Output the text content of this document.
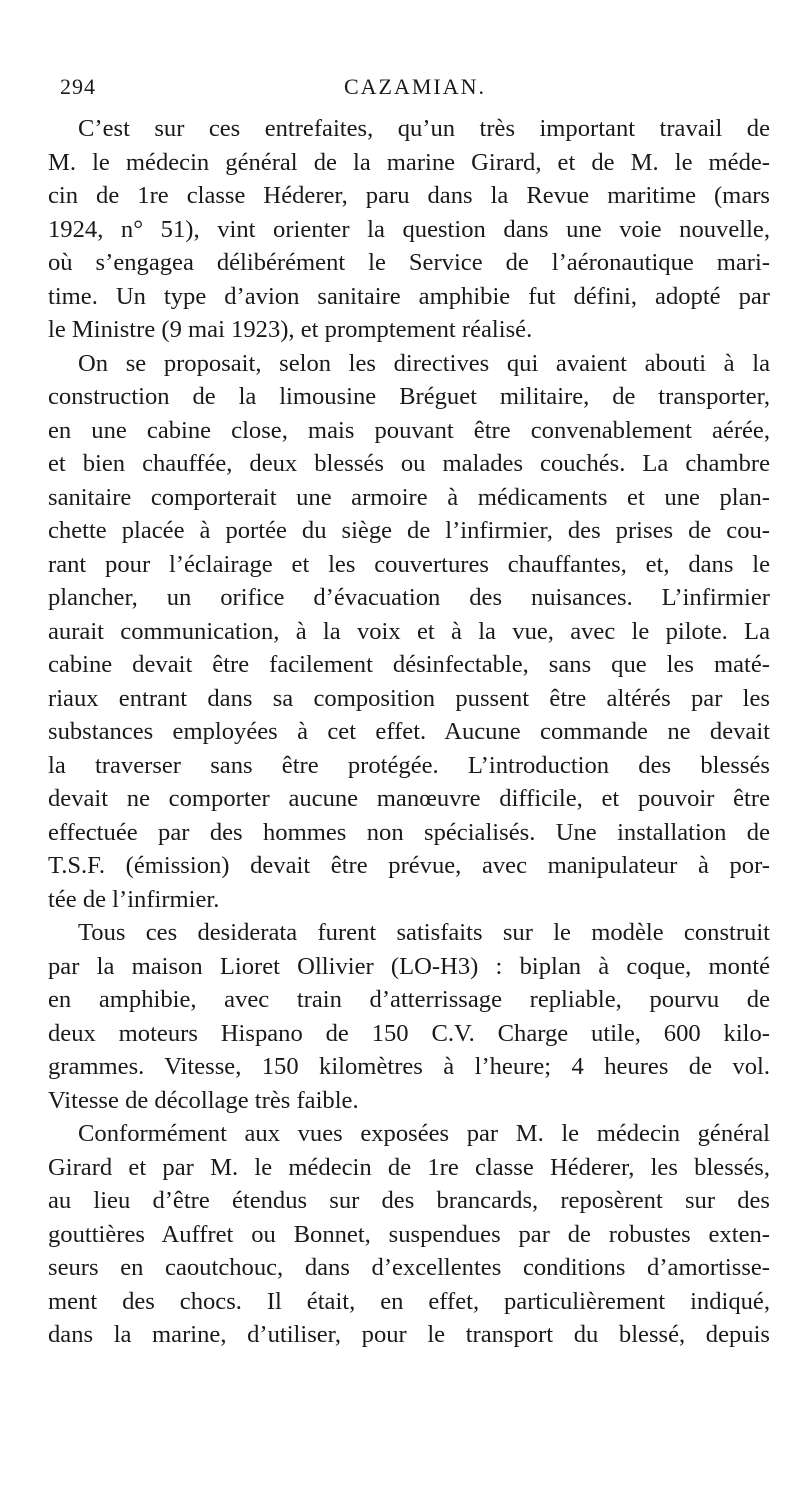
294	CAZAMIAN.
C’est sur ces entrefaites, qu’un très important travail de
M. le médecin général de la marine Girard, et de M. le méde-
cin de 1re classe Héderer, paru dans la Revue maritime (mars
1924, n° 51), vint orienter la question dans une voie nouvelle,
où s’engagea délibérément le Service de l’aéronautique mari-
time. Un type d’avion sanitaire amphibie fut défini, adopté par
le Ministre (9 mai 1923), et promptement réalisé.
On se proposait, selon les directives qui avaient abouti à la
construction de la limousine Bréguet militaire, de transporter,
en une cabine close, mais pouvant être convenablement aérée,
et bien chauffée, deux blessés ou malades couchés. La chambre
sanitaire comporterait une armoire à médicaments et une plan-
chette placée à portée du siège de l’infirmier, des prises de cou-
rant pour l’éclairage et les couvertures chauffantes, et, dans le
plancher, un orifice d’évacuation des nuisances. L’infirmier
aurait communication, à la voix et à la vue, avec le pilote. La
cabine devait être facilement désinfectable, sans que les maté-
riaux entrant dans sa composition pussent être altérés par les
substances employées à cet effet. Aucune commande ne devait
la traverser sans être protégée. L’introduction des blessés
devait ne comporter aucune manœuvre difficile, et pouvoir être
effectuée par des hommes non spécialisés. Une installation de
T.S.F. (émission) devait être prévue, avec manipulateur à por-
tée de l’infirmier.
Tous ces desiderata furent satisfaits sur le modèle construit
par la maison Lioret Ollivier (LO-H3) : biplan à coque, monté
en amphibie, avec train d’atterrissage repliable, pourvu de
deux moteurs Hispano de 150 C.V. Charge utile, 600 kilo-
grammes. Vitesse, 150 kilomètres à l’heure; 4 heures de vol.
Vitesse de décollage très faible.
Conformément aux vues exposées par M. le médecin général
Girard et par M. le médecin de 1re classe Héderer, les blessés,
au lieu d’être étendus sur des brancards, reposèrent sur des
gouttières Auffret ou Bonnet, suspendues par de robustes exten-
seurs en caoutchouc, dans d’excellentes conditions d’amortisse-
ment des chocs. Il était, en effet, particulièrement indiqué,
dans la marine, d’utiliser, pour le transport du blessé, depuis
